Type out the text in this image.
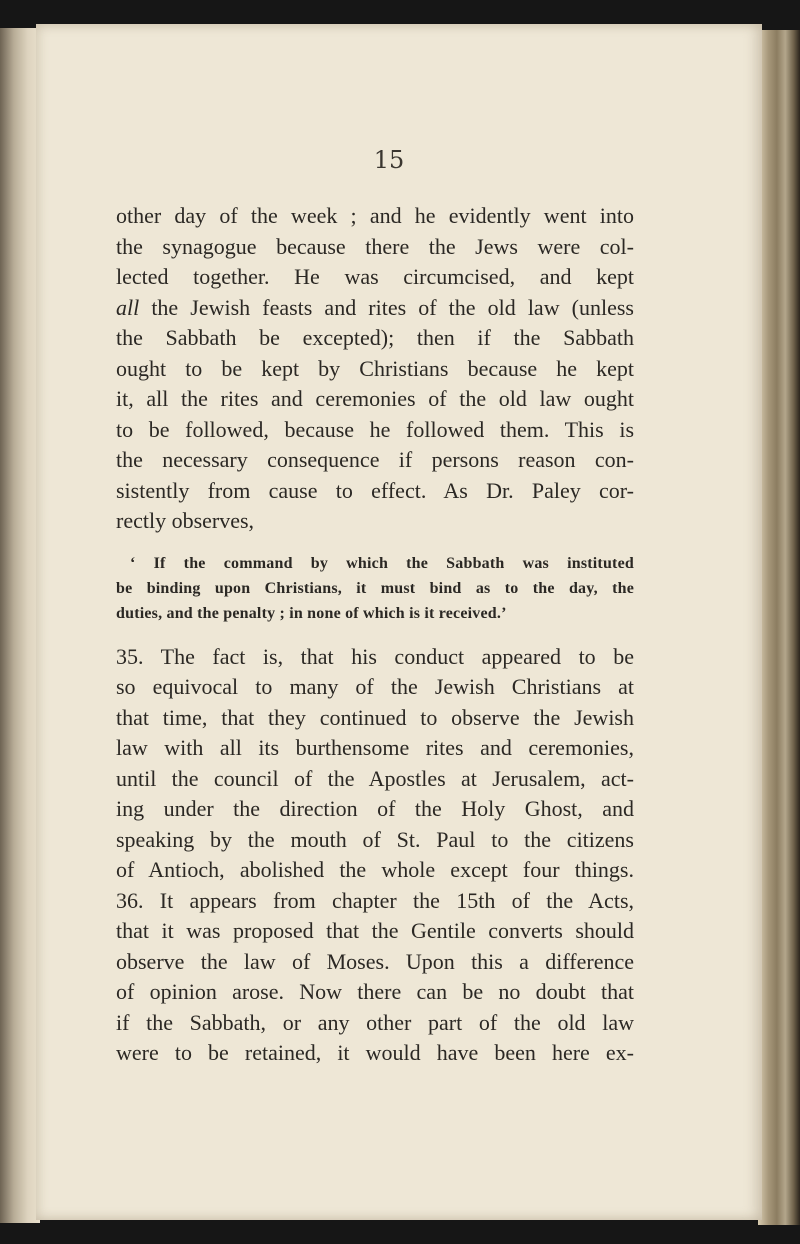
15
other day of the week ; and he evidently went into
the synagogue because there the Jews were col-
lected together. He was circumcised, and kept
all the Jewish feasts and rites of the old law (unless
the Sabbath be excepted); then if the Sabbath
ought to be kept by Christians because he kept
it, all the rites and ceremonies of the old law ought
to be followed, because he followed them. This is
the necessary consequence if persons reason con-
sistently from cause to effect. As Dr. Paley cor-
rectly observes,
‘ If the command by which the Sabbath was instituted
be binding upon Christians, it must bind as to the day, the
duties, and the penalty ; in none of which is it received.’
35. The fact is, that his conduct appeared to be
so equivocal to many of the Jewish Christians at
that time, that they continued to observe the Jewish
law with all its burthensome rites and ceremonies,
until the council of the Apostles at Jerusalem, act-
ing under the direction of the Holy Ghost, and
speaking by the mouth of St. Paul to the citizens
of Antioch, abolished the whole except four things.
36. It appears from chapter the 15th of the Acts,
that it was proposed that the Gentile converts should
observe the law of Moses. Upon this a difference
of opinion arose. Now there can be no doubt that
if the Sabbath, or any other part of the old law
were to be retained, it would have been here ex-
